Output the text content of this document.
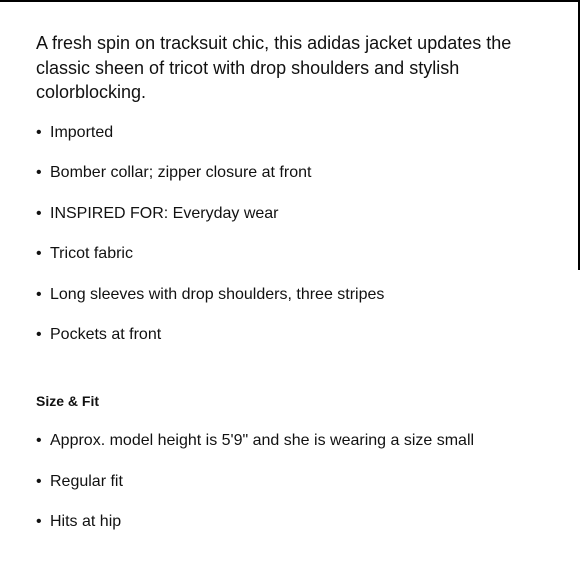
A fresh spin on tracksuit chic, this adidas jacket updates the classic sheen of tricot with drop shoulders and stylish colorblocking.

• Imported
• Bomber collar; zipper closure at front
• INSPIRED FOR: Everyday wear
• Tricot fabric
• Long sleeves with drop shoulders, three stripes
• Pockets at front
Size & Fit
• Approx. model height is 5'9" and she is wearing a size small
• Regular fit
• Hits at hip
